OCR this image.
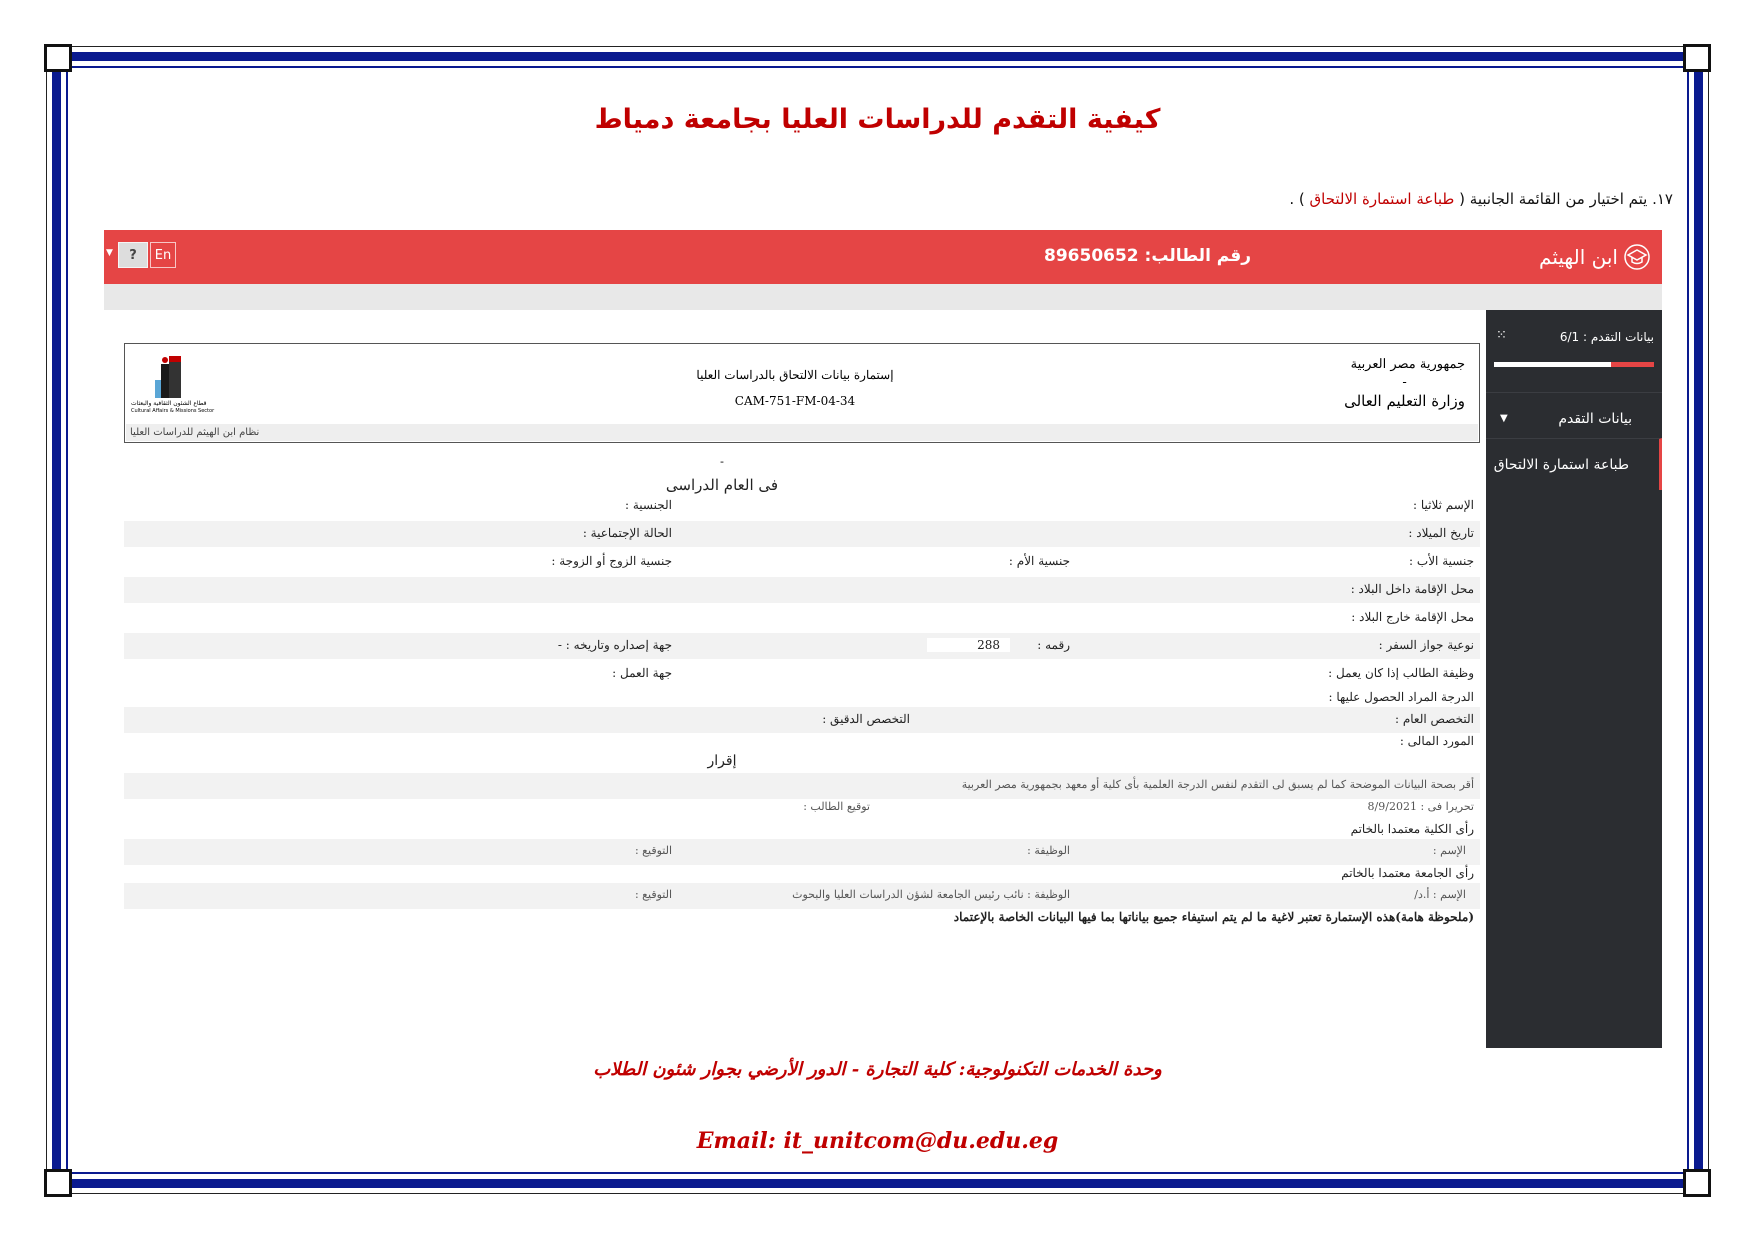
كيفية التقدم للدراسات العليا بجامعة دمياط
١٧. يتم اختيار من القائمة الجانبية ( طباعة استمارة الالتحاق ) .
ابن الهيثم
رقم الطالب: 89650652
En
?
▼
بيانات التقدم : 6/1
⁙
بيانات التقدم
▼
طباعة استمارة الالتحاق
جمهورية مصر العربية
-
وزارة التعليم العالى
إستمارة بيانات الالتحاق بالدراسات العليا
CAM-751-FM-04-34
قطاع الشئون الثقافية والبعثات
Cultural Affairs & Missions Sector
نظام ابن الهيثم للدراسات العليا
-
فى العام الدراسى
الإسم ثلاثيا :
الجنسية :
تاريخ الميلاد :
الحالة الإجتماعية :
جنسية الأب :
جنسية الأم :
جنسية الزوج أو الزوجة :
محل الإقامة داخل البلاد :
محل الإقامة خارج البلاد :
نوعية جواز السفر :
رقمه :
288
جهة إصداره وتاريخه : -
وظيفة الطالب إذا كان يعمل :
جهة العمل :
الدرجة المراد الحصول عليها :
التخصص العام :
التخصص الدقيق :
المورد المالى :
إقرار
أقر بصحة البيانات الموضحة كما لم يسبق لى التقدم لنفس الدرجة العلمية بأى كلية أو معهد بجمهورية مصر العربية
تحريرا فى : 8/9/2021
توقيع الطالب :
رأى الكلية معتمدا بالخاتم
الإسم :
الوظيفة :
التوقيع :
رأى الجامعة معتمدا بالخاتم
الإسم : أ.د/
الوظيفة : نائب رئيس الجامعة لشؤن الدراسات العليا والبحوث
التوقيع :
(ملحوظة هامة)هذه الإستمارة تعتبر لاغية ما لم يتم استيفاء جميع بياناتها بما فيها البيانات الخاصة بالإعتماد
وحدة الخدمات التكنولوجية: كلية التجارة - الدور الأرضي بجوار شئون الطلاب
Email: it_unitcom@du.edu.eg
